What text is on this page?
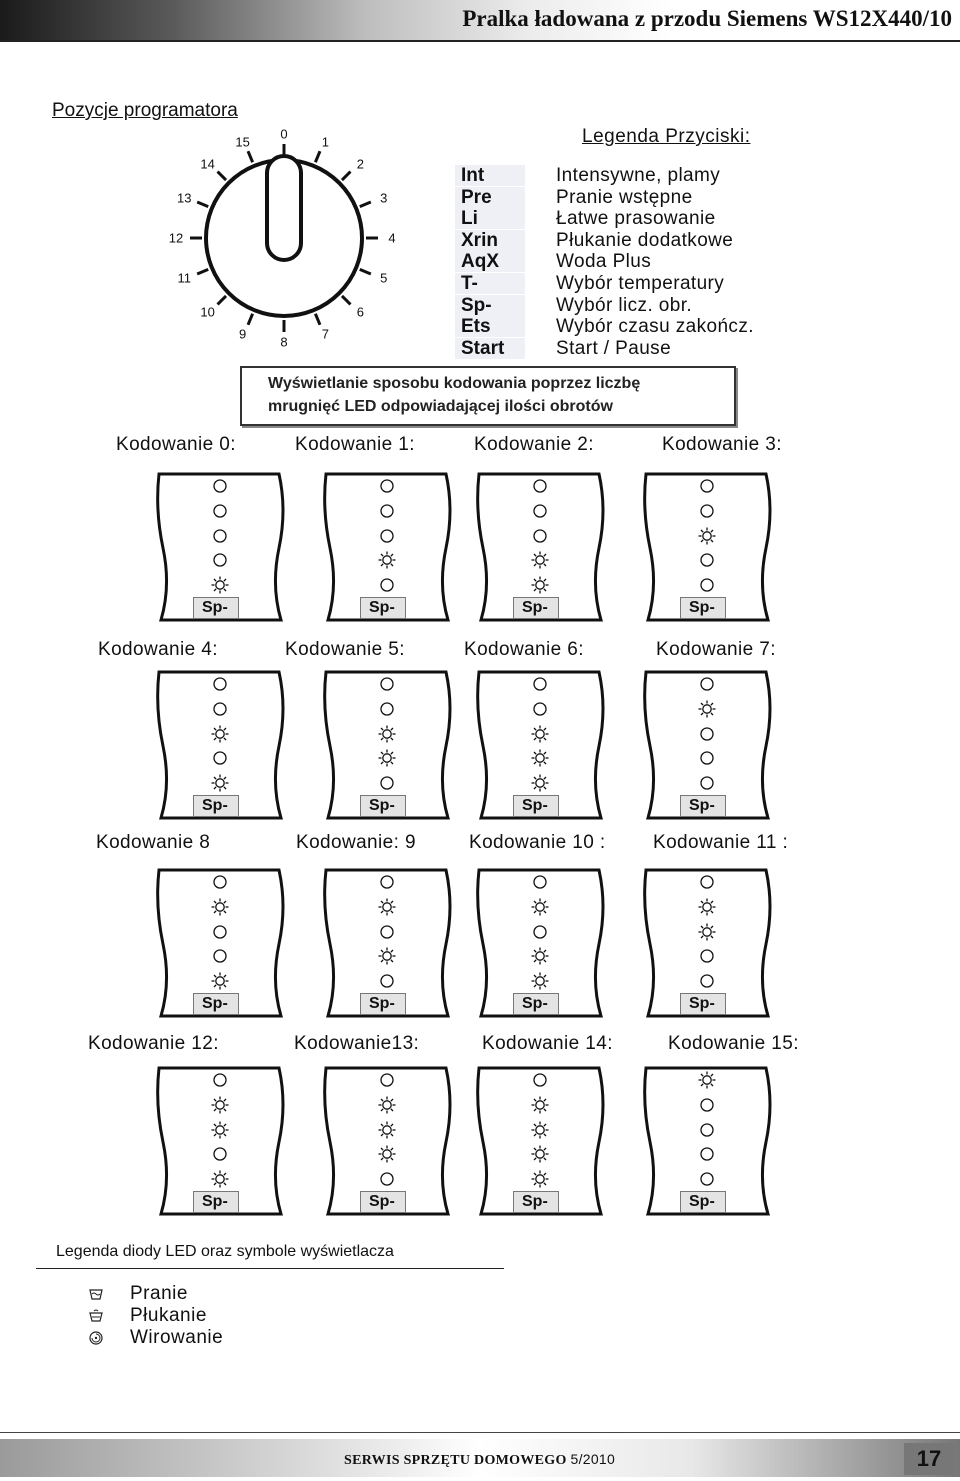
Pralka ładowana z przodu Siemens WS12X440/10
Pozycje programatora
0
1
2
3
4
5
6
7
8
9
10
11
12
13
14
15	Legenda Przyciski:
Int	Intensywne, plamy
Pre	Pranie wstępne
Li	Łatwe prasowanie
Xrin	Płukanie dodatkowe
AqX	Woda Plus
T-	Wybór temperatury
Sp-	Wybór licz. obr.
Ets	Wybór czasu zakończ.
Start	Start / Pause
Wyświetlanie sposobu kodowania poprzez liczbę
mrugnięć LED odpowiadającej ilości obrotów
Kodowanie 0:
Sp-
Kodowanie 1:
Sp-
Kodowanie 2:
Sp-
Kodowanie 3:
Sp-
Kodowanie 4:
Sp-
Kodowanie 5:
Sp-
Kodowanie 6:
Sp-
Kodowanie 7:
Sp-
Kodowanie 8
Sp-
Kodowanie: 9
Sp-
Kodowanie 10 :
Sp-
Kodowanie 11 :
Sp-
Kodowanie 12:
Sp-
Kodowanie13:
Sp-
Kodowanie 14:
Sp-
Kodowanie 15:
Sp-
Legenda diody LED oraz symbole wyświetlacza
Pranie
Płukanie
Wirowanie
SERWIS SPRZĘTU DOMOWEGO 5/2010	17
